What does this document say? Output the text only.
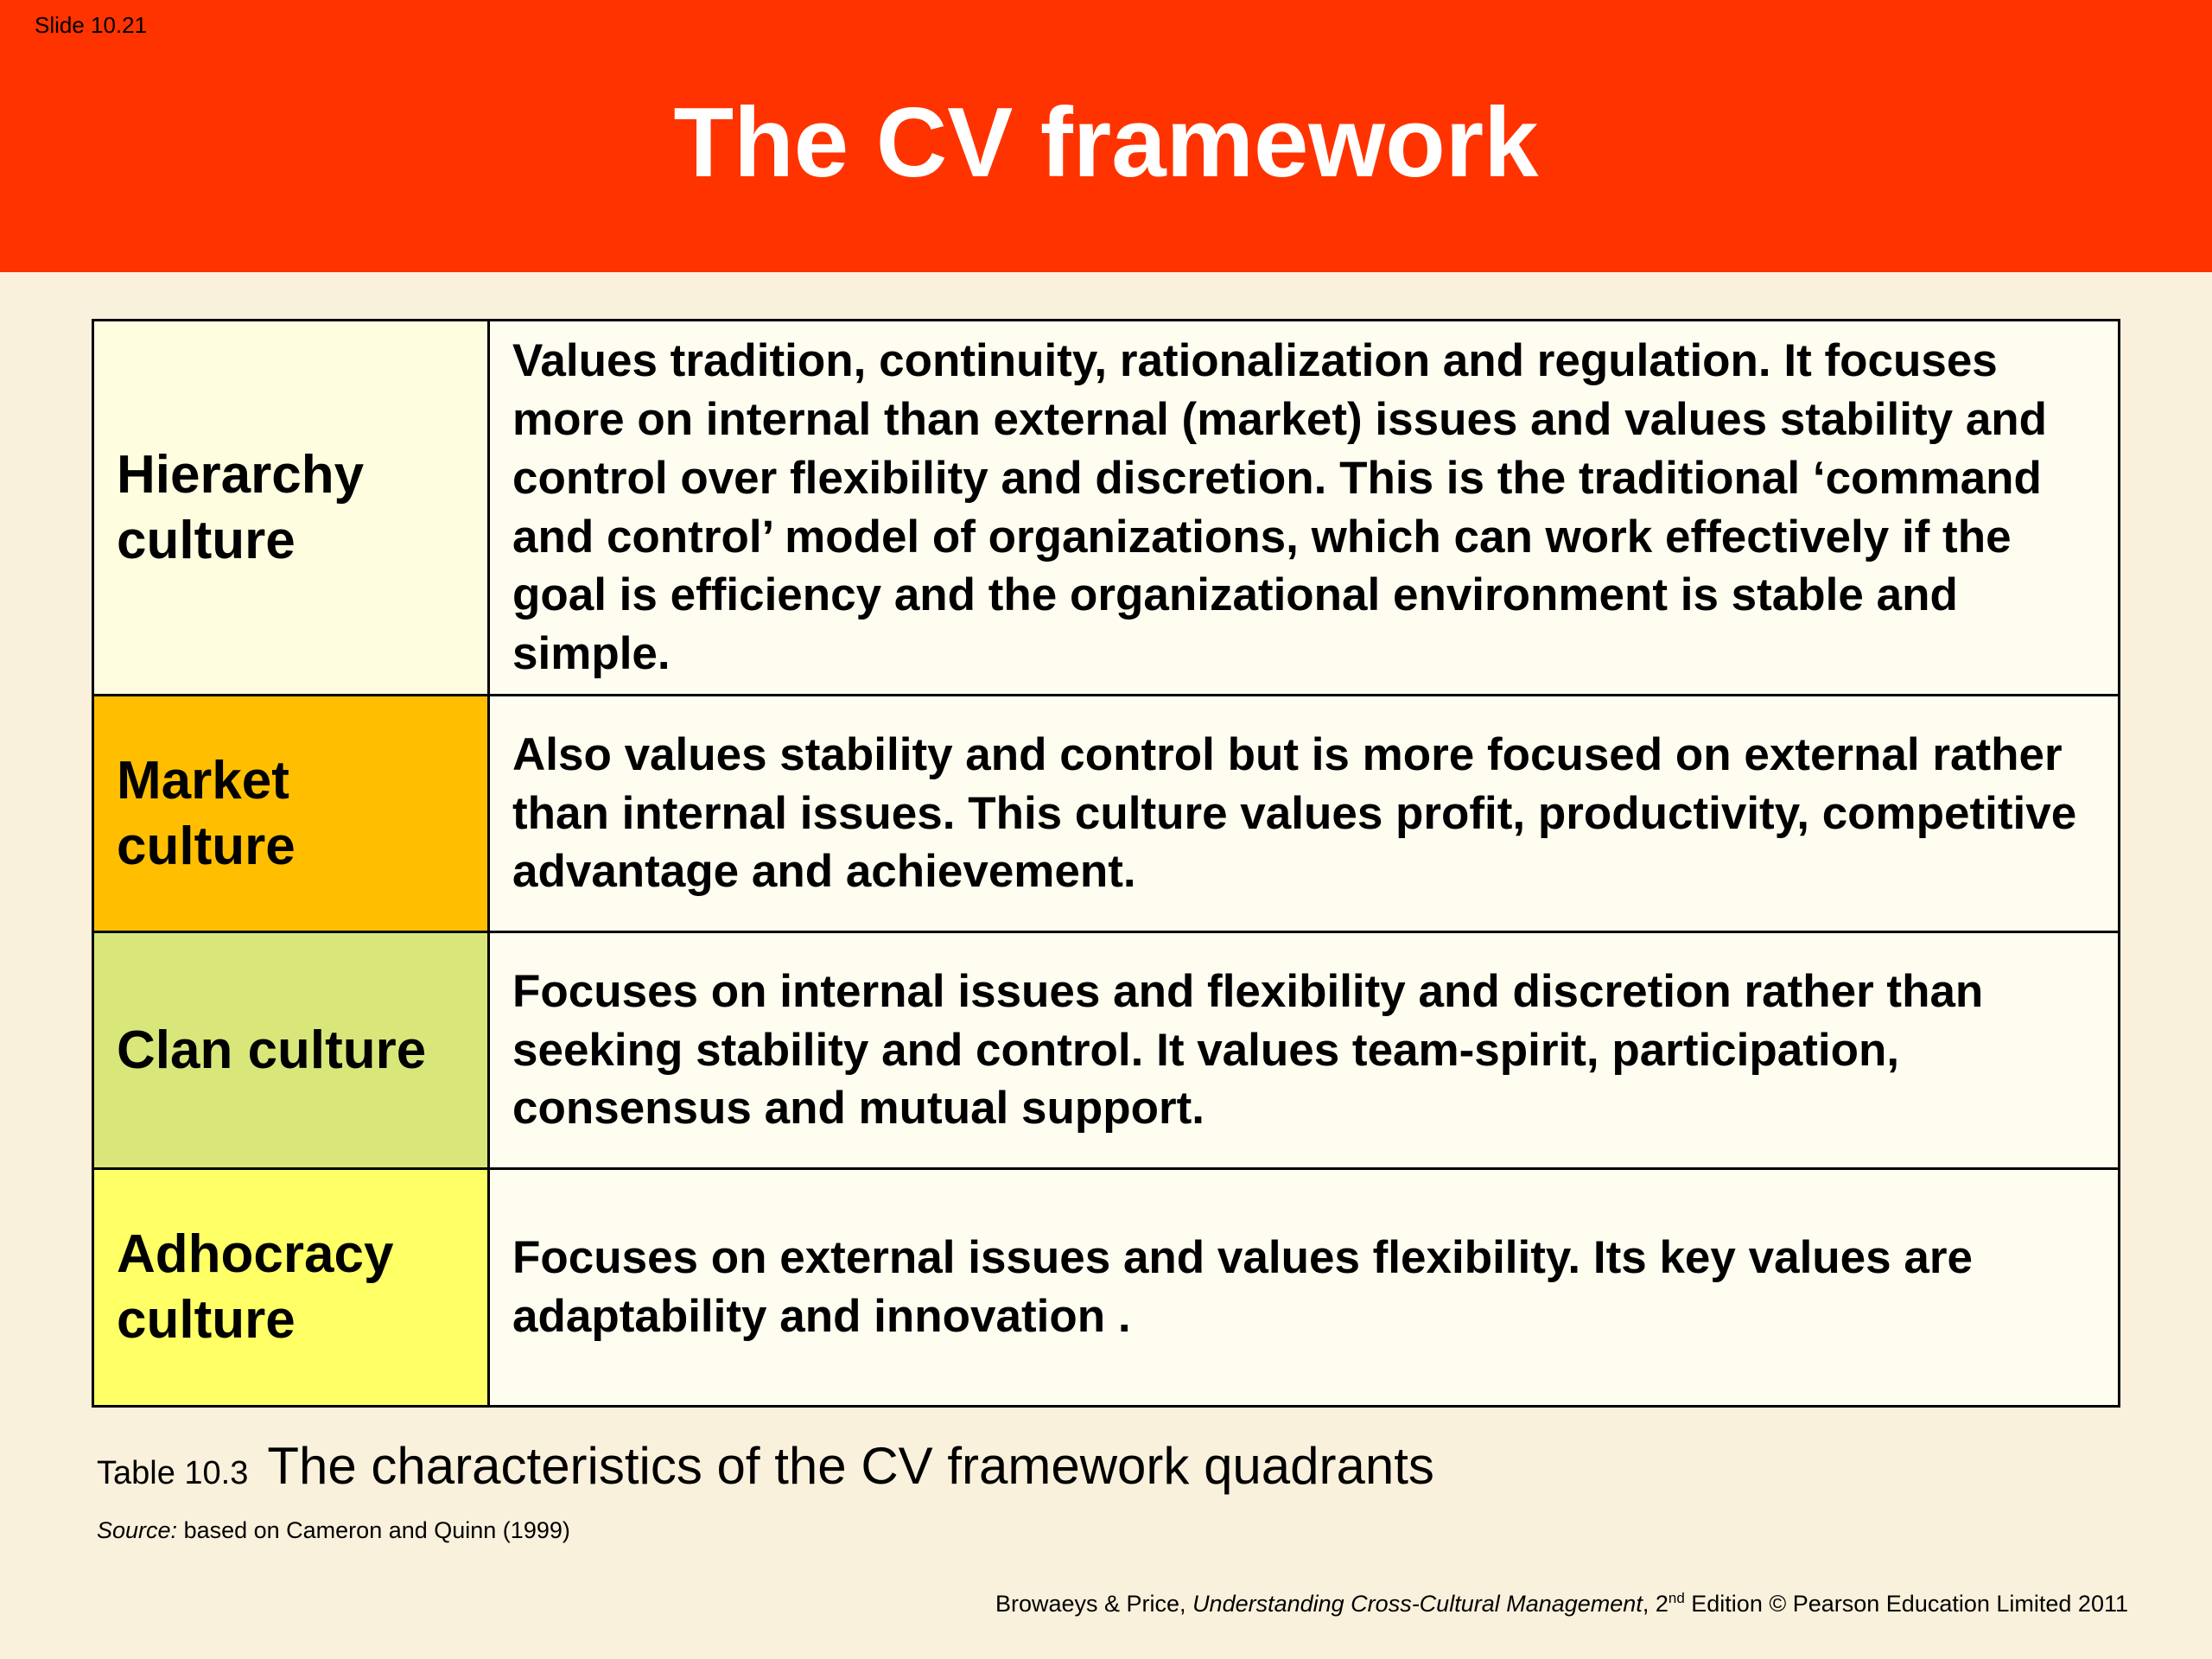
Slide 10.21
The CV framework
Hierarchy culture
Values tradition, continuity, rationalization and regulation. It focuses more on internal than external (market) issues and values stability and control over flexibility and discretion. This is the traditional ‘command and control’ model of organizations, which can work effectively if the goal is efficiency and the organizational environment is stable and simple.
Market culture
Also values stability and control but is more focused on external rather than internal issues. This culture values profit, productivity, competitive advantage and achievement.
Clan culture
Focuses on internal issues and flexibility and discretion rather than seeking stability and control. It values team-spirit, participation, consensus and mutual support.
Adhocracy culture
Focuses on external issues and values flexibility. Its key values are adaptability and innovation .
Table 10.3 The characteristics of the CV framework quadrants
Source: based on Cameron and Quinn (1999)
Browaeys & Price, Understanding Cross-Cultural Management, 2nd Edition © Pearson Education Limited 2011
